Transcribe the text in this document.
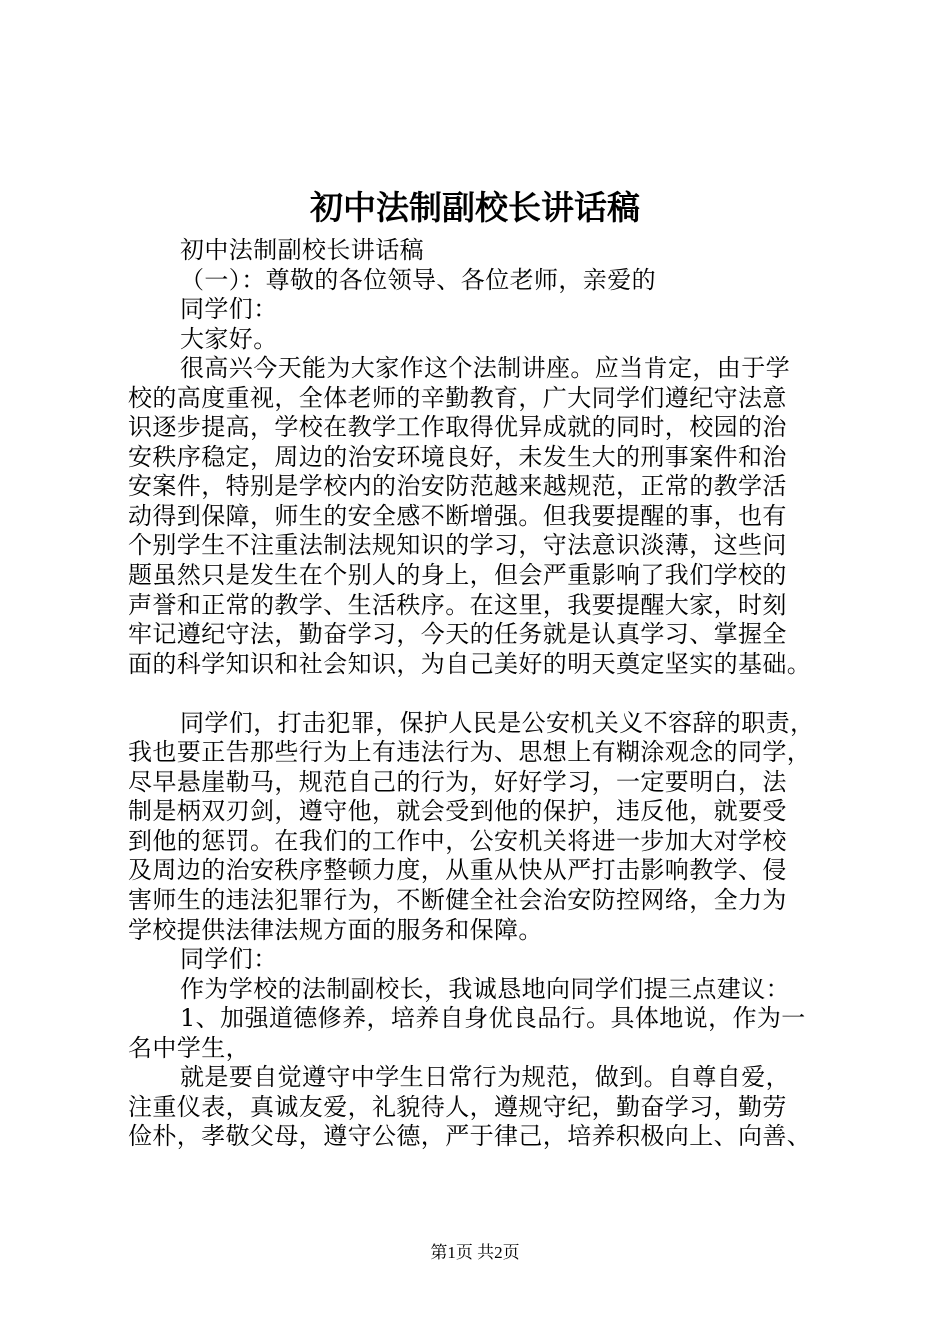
初中法制副校长讲话稿
初中法制副校长讲话稿
（一）：尊敬的各位领导、各位老师，亲爱的
同学们：
大家好。
很高兴今天能为大家作这个法制讲座。应当肯定，由于学
校的高度重视，全体老师的辛勤教育，广大同学们遵纪守法意
识逐步提高，学校在教学工作取得优异成就的同时，校园的治
安秩序稳定，周边的治安环境良好，未发生大的刑事案件和治
安案件，特别是学校内的治安防范越来越规范，正常的教学活
动得到保障，师生的安全感不断增强。但我要提醒的事，也有
个别学生不注重法制法规知识的学习，守法意识淡薄，这些问
题虽然只是发生在个别人的身上，但会严重影响了我们学校的
声誉和正常的教学、生活秩序。在这里，我要提醒大家，时刻
牢记遵纪守法，勤奋学习，今天的任务就是认真学习、掌握全
面的科学知识和社会知识，为自己美好的明天奠定坚实的基础。
同学们，打击犯罪，保护人民是公安机关义不容辞的职责，
我也要正告那些行为上有违法行为、思想上有糊涂观念的同学，
尽早悬崖勒马，规范自己的行为，好好学习，一定要明白，法
制是柄双刃剑，遵守他，就会受到他的保护，违反他，就要受
到他的惩罚。在我们的工作中，公安机关将进一步加大对学校
及周边的治安秩序整顿力度，从重从快从严打击影响教学、侵
害师生的违法犯罪行为，不断健全社会治安防控网络，全力为
学校提供法律法规方面的服务和保障。
同学们：
作为学校的法制副校长，我诚恳地向同学们提三点建议：
1、加强道德修养，培养自身优良品行。具体地说，作为一
名中学生，
就是要自觉遵守中学生日常行为规范，做到。自尊自爱，
注重仪表，真诚友爱，礼貌待人，遵规守纪，勤奋学习，勤劳
俭朴，孝敬父母，遵守公德，严于律己，培养积极向上、向善、
第1页 共2页
